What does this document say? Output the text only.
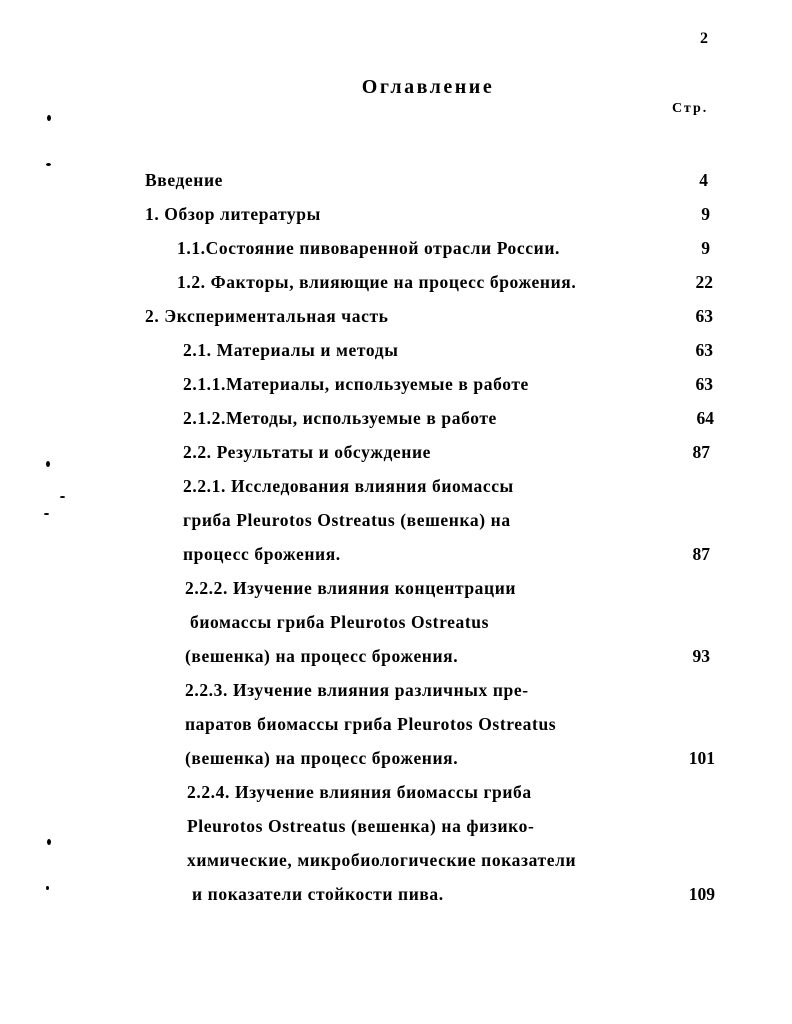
2
Оглавление
Стр.
Введение	4
1. Обзор литературы	9
1.1.Состояние пивоваренной отрасли России.	9
1.2. Факторы, влияющие на процесс брожения.	22
2. Экспериментальная часть	63
2.1. Материалы и методы	63
2.1.1.Материалы, используемые в работе	63
2.1.2.Методы, используемые в работе	64
2.2. Результаты и обсуждение	87
2.2.1. Исследования влияния биомассы
гриба Pleurotos Ostreatus (вешенка) на
процесс брожения.	87
2.2.2. Изучение влияния концентрации
биомассы гриба Pleurotos Ostreatus
(вешенка) на процесс брожения.	93
2.2.3. Изучение влияния различных пре-
паратов биомассы гриба Pleurotos Ostreatus
(вешенка) на процесс брожения.	101
2.2.4. Изучение влияния биомассы гриба
Pleurotos Ostreatus (вешенка) на физико-
химические, микробиологические показатели
и показатели стойкости пива.	109
